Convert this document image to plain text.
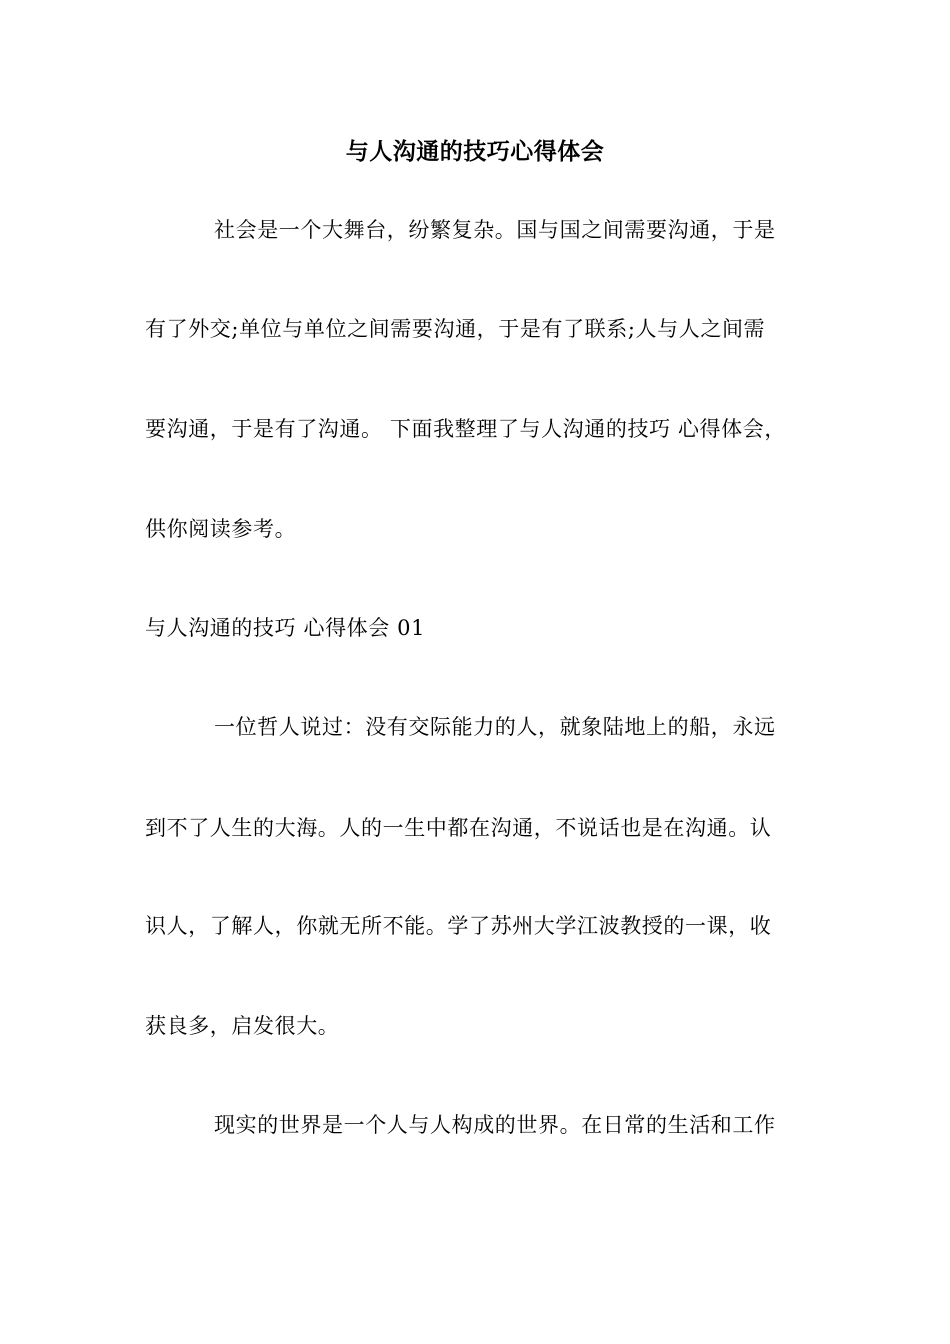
与人沟通的技巧心得体会
社会是一个大舞台，纷繁复杂。国与国之间需要沟通，于是
有了外交;单位与单位之间需要沟通，于是有了联系;人与人之间需
要沟通，于是有了沟通。 下面我整理了与人沟通的技巧 心得体会，
供你阅读参考。
与人沟通的技巧 心得体会 01
一位哲人说过：没有交际能力的人，就象陆地上的船，永远
到不了人生的大海。人的一生中都在沟通，不说话也是在沟通。认
识人，了解人，你就无所不能。学了苏州大学江波教授的一课，收
获良多，启发很大。
现实的世界是一个人与人构成的世界。在日常的生活和工作
